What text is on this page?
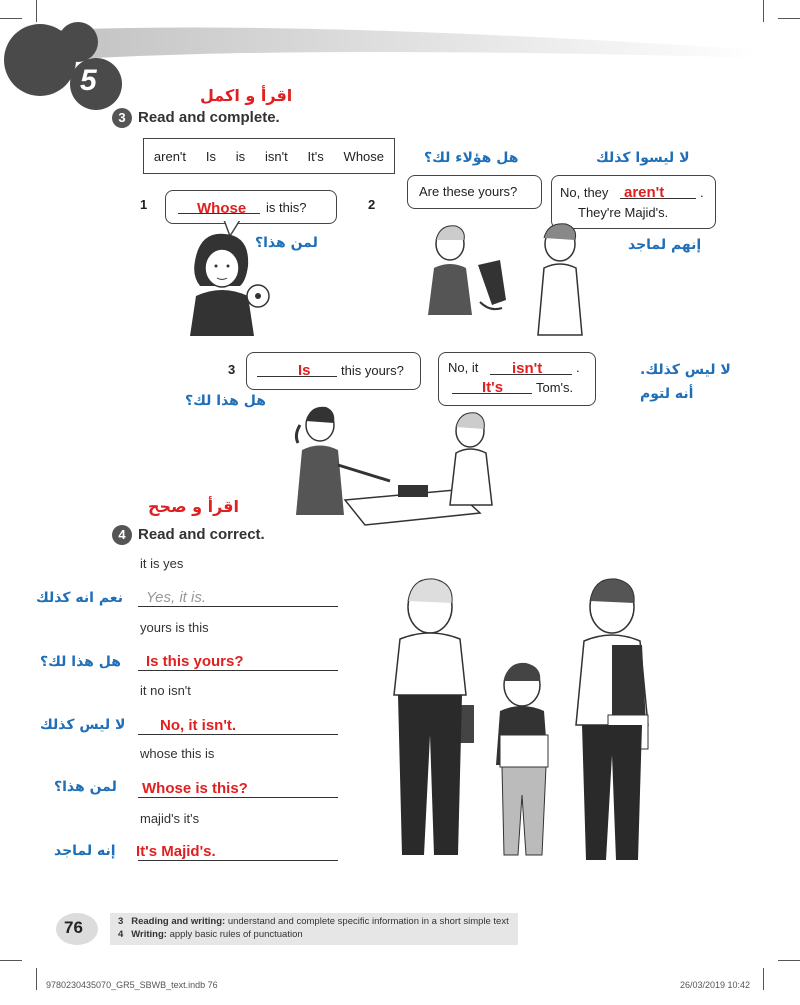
5	اقرأ و اكمل
3 Read and complete.
aren't Is is isn't It's Whose	هل هؤلاء لك؟	لا ليسوا كذلك
1	Whose is this?
لمن هذا؟
2
Are these yours?	No, they aren't	.
They're Majid's.
إنهم لماجد
3	Is this yours?
هل هذا لك؟
No, it isn't	.
It's	Tom's.
لا ليس كذلك.
أنه لتوم
اقرأ و صحح
4 Read and correct.
it is yes
نعم انه كذلك Yes, it is.
yours is this
هل هذا لك؟ Is this yours?
it no isn't
لا ليس كذلك No, it isn't.
whose this is
لمن هذا؟ Whose is this?
majid's it's
إنه لماجد It's Majid's.
76	3 Reading and writing: understand and complete specific information in a short simple text
4 Writing: apply basic rules of punctuation
9780230435070_GR5_SBWB_text.indb 76	26/03/2019 10:42
